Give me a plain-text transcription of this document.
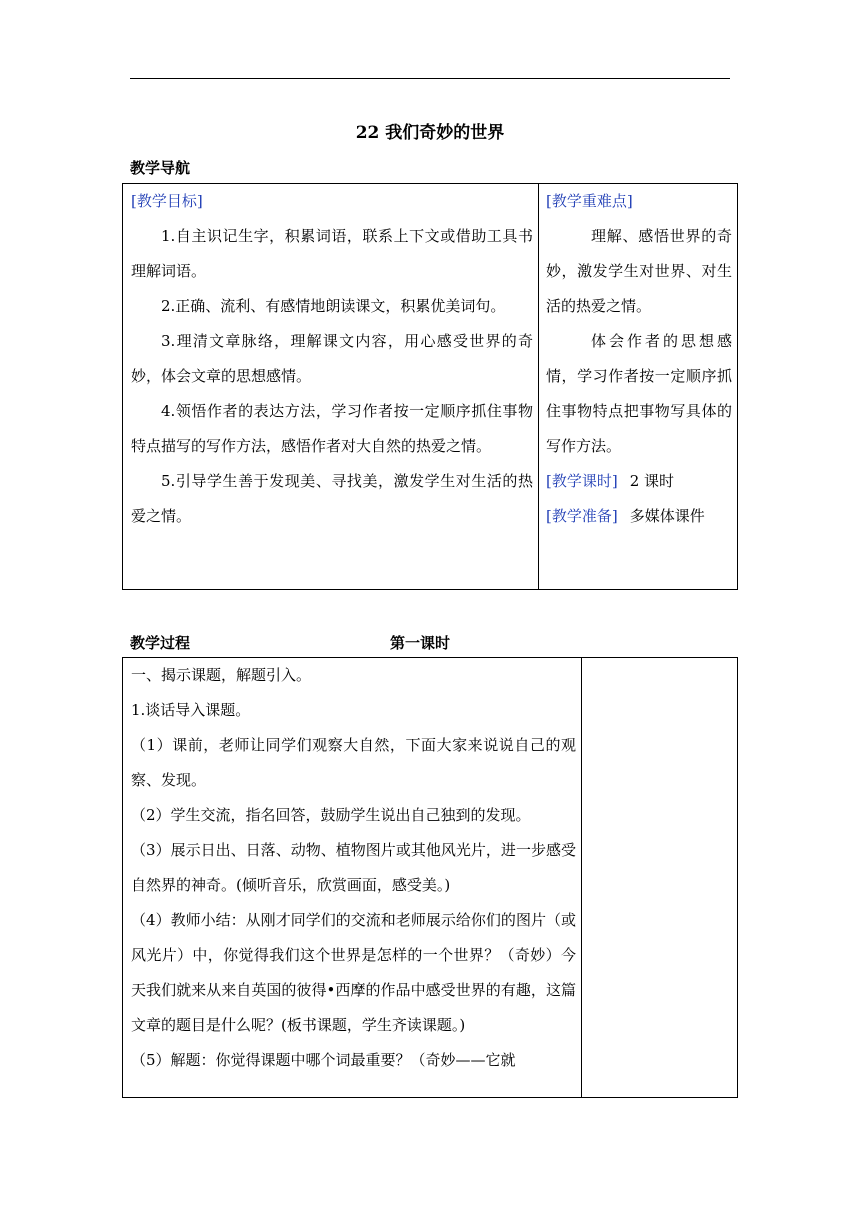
22 我们奇妙的世界
教学导航

[教学目标]

1.自主识记生字，积累词语，联系上下文或借助工具书理解词语。

2.正确、流利、有感情地朗读课文，积累优美词句。

3.理清文章脉络，理解课文内容，用心感受世界的奇妙，体会文章的思想感情。

4.领悟作者的表达方法，学习作者按一定顺序抓住事物特点描写的写作方法，感悟作者对大自然的热爱之情。

5.引导学生善于发现美、寻找美，激发学生对生活的热爱之情。

[教学重难点]

理解、感悟世界的奇妙，激发学生对世界、对生活的热爱之情。

体会作者的思想感情，学习作者按一定顺序抓住事物特点把事物写具体的写作方法。

[教学课时] 2 课时

[教学准备] 多媒体课件

教学过程	第一课时

一、揭示课题，解题引入。

1.谈话导入课题。

（1）课前，老师让同学们观察大自然，下面大家来说说自己的观察、发现。

（2）学生交流，指名回答，鼓励学生说出自己独到的发现。

（3）展示日出、日落、动物、植物图片或其他风光片，进一步感受自然界的神奇。(倾听音乐，欣赏画面，感受美。)

（4）教师小结：从刚才同学们的交流和老师展示给你们的图片（或风光片）中，你觉得我们这个世界是怎样的一个世界？（奇妙）今天我们就来从来自英国的彼得•西摩的作品中感受世界的有趣，这篇文章的题目是什么呢？(板书课题，学生齐读课题。)

（5）解题：你觉得课题中哪个词最重要？（奇妙——它就
